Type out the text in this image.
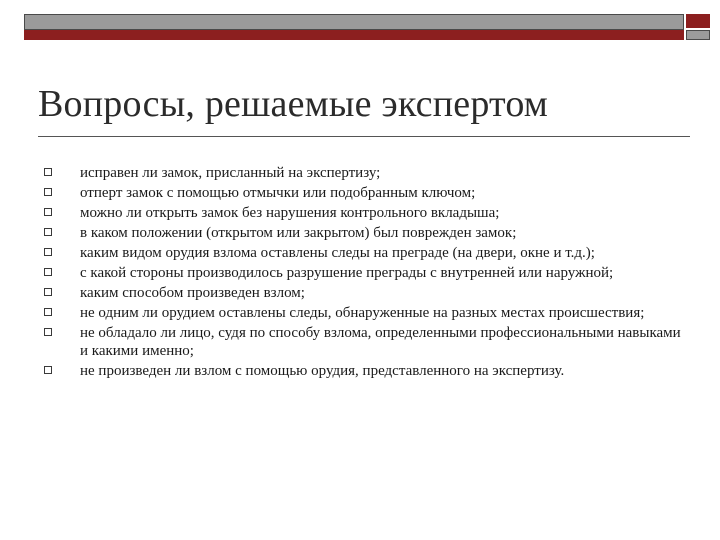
Вопросы, решаемые экспертом
исправен ли замок, присланный на экспертизу;
отперт замок с помощью отмычки или подобранным ключом;
можно ли открыть замок без нарушения контрольного вкладыша;
в каком положении (открытом или закрытом) был поврежден замок;
каким видом орудия взлома оставлены следы на преграде (на двери, окне и т.д.);
с какой стороны производилось разрушение преграды с внутренней или наружной;
каким способом произведен взлом;
не одним ли орудием оставлены следы, обнаруженные на разных местах происшествия;
не обладало ли лицо, судя по способу взлома, определенными профессиональными навыками и какими именно;
не произведен ли взлом с помощью орудия, представленного на экспертизу.
